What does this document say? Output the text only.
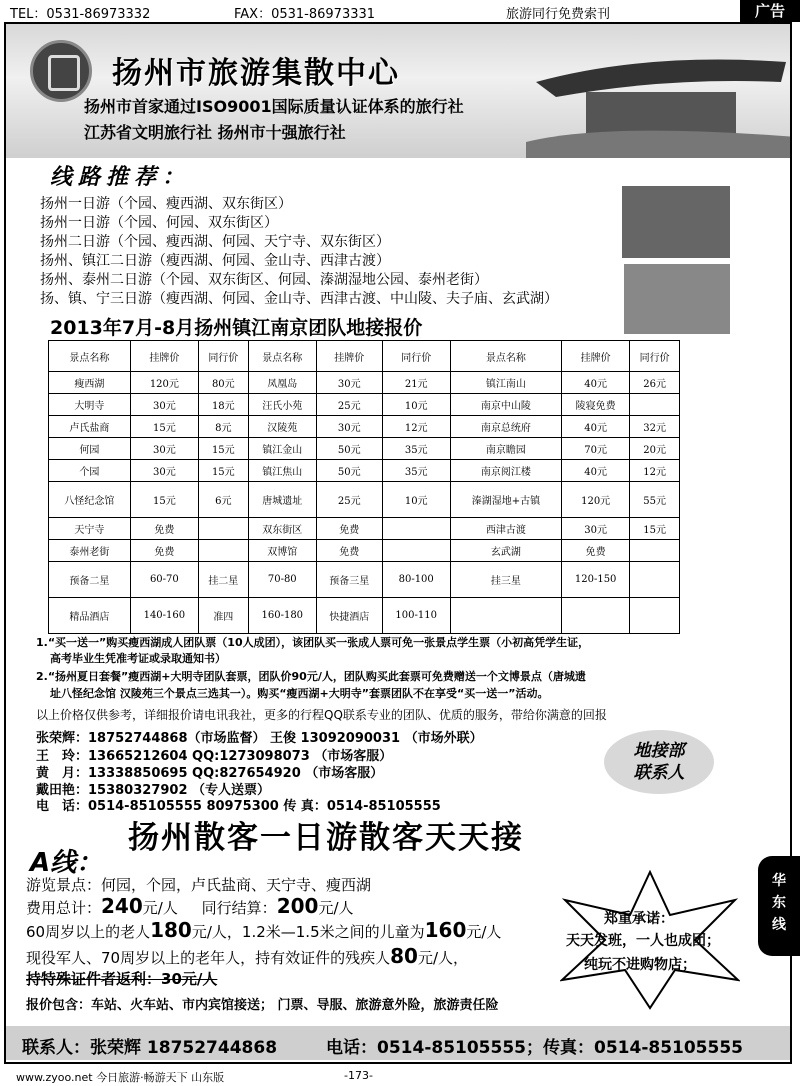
TEL：0531-86973332	FAX：0531-86973331	旅游同行免费索刊	广告
扬州市旅游集散中心
扬州市首家通过ISO9001国际质量认证体系的旅行社
江苏省文明旅行社 扬州市十强旅行社
线路推荐：
扬州一日游（个园、瘦西湖、双东街区）
扬州一日游（个园、何园、双东街区）
扬州二日游（个园、瘦西湖、何园、天宁寺、双东街区）
扬州、镇江二日游（瘦西湖、何园、金山寺、西津古渡）
扬州、泰州二日游（个园、双东街区、何园、溱湖湿地公园、泰州老街）
扬、镇、宁三日游（瘦西湖、何园、金山寺、西津古渡、中山陵、夫子庙、玄武湖）
2013年7月-8月扬州镇江南京团队地接报价
景点名称	挂牌价	同行价	景点名称	挂牌价	同行价	景点名称	挂牌价	同行价
瘦西湖	120元	80元	凤凰岛	30元	21元	镇江南山	40元	26元
大明寺	30元	18元	汪氏小苑	25元	10元	南京中山陵	陵寝免费	
卢氏盐商	15元	8元	汉陵苑	30元	12元	南京总统府	40元	32元
何园	30元	15元	镇江金山	50元	35元	南京瞻园	70元	20元
个园	30元	15元	镇江焦山	50元	35元	南京阅江楼	40元	12元
八怪纪念馆	15元	6元	唐城遗址	25元	10元	溱湖湿地+古镇	120元	55元
天宁寺	免费		双东街区	免费		西津古渡	30元	15元
泰州老街	免费		双博馆	免费		玄武湖	免费	
预备二星	60-70	挂二星	70-80	预备三星	80-100	挂三星	120-150	
精品酒店	140-160	准四	160-180	快捷酒店	100-110			
1.“买一送一”购买瘦西湖成人团队票（10人成团），该团队买一张成人票可免一张景点学生票（小初高凭学生证，
高考毕业生凭准考证或录取通知书）
2.“扬州夏日套餐”瘦西湖+大明寺团队套票，团队价90元/人，团队购买此套票可免费赠送一个文博景点（唐城遗
址八怪纪念馆 汉陵苑三个景点三选其一）。购买“瘦西湖+大明寺”套票团队不在享受“买一送一”活动。
以上价格仅供参考，详细报价请电讯我社，更多的行程QQ联系专业的团队、优质的服务，带给你满意的回报
张荣辉：18752744868（市场监督） 王俊 13092090031 （市场外联）
王　玲：13665212604 QQ:1273098073 （市场客服）
黄　月：13338850695 QQ:827654920 （市场客服）
戴田艳：15380327902 （专人送票）
电　话：0514-85105555 80975300 传 真：0514-85105555
地接部
联系人
扬州散客一日游散客天天接
A线：
游览景点：何园，个园，卢氏盐商、天宁寺、瘦西湖
费用总计：240元/人 同行结算：200元/人
60周岁以上的老人180元/人，1.2米—1.5米之间的儿童为160元/人
现役军人、70周岁以上的老年人，持有效证件的残疾人80元/人，
持特殊证件者返利：30元/人
报价包含：车站、火车站、市内宾馆接送； 门票、导服、旅游意外险，旅游责任险
郑重承诺：
天天发班，一人也成团；
纯玩不进购物店；
华
东
线
联系人：张荣辉 18752744868	电话：0514-85105555；传真：0514-85105555
www.zyoo.net 今日旅游·畅游天下 山东版	-173-
